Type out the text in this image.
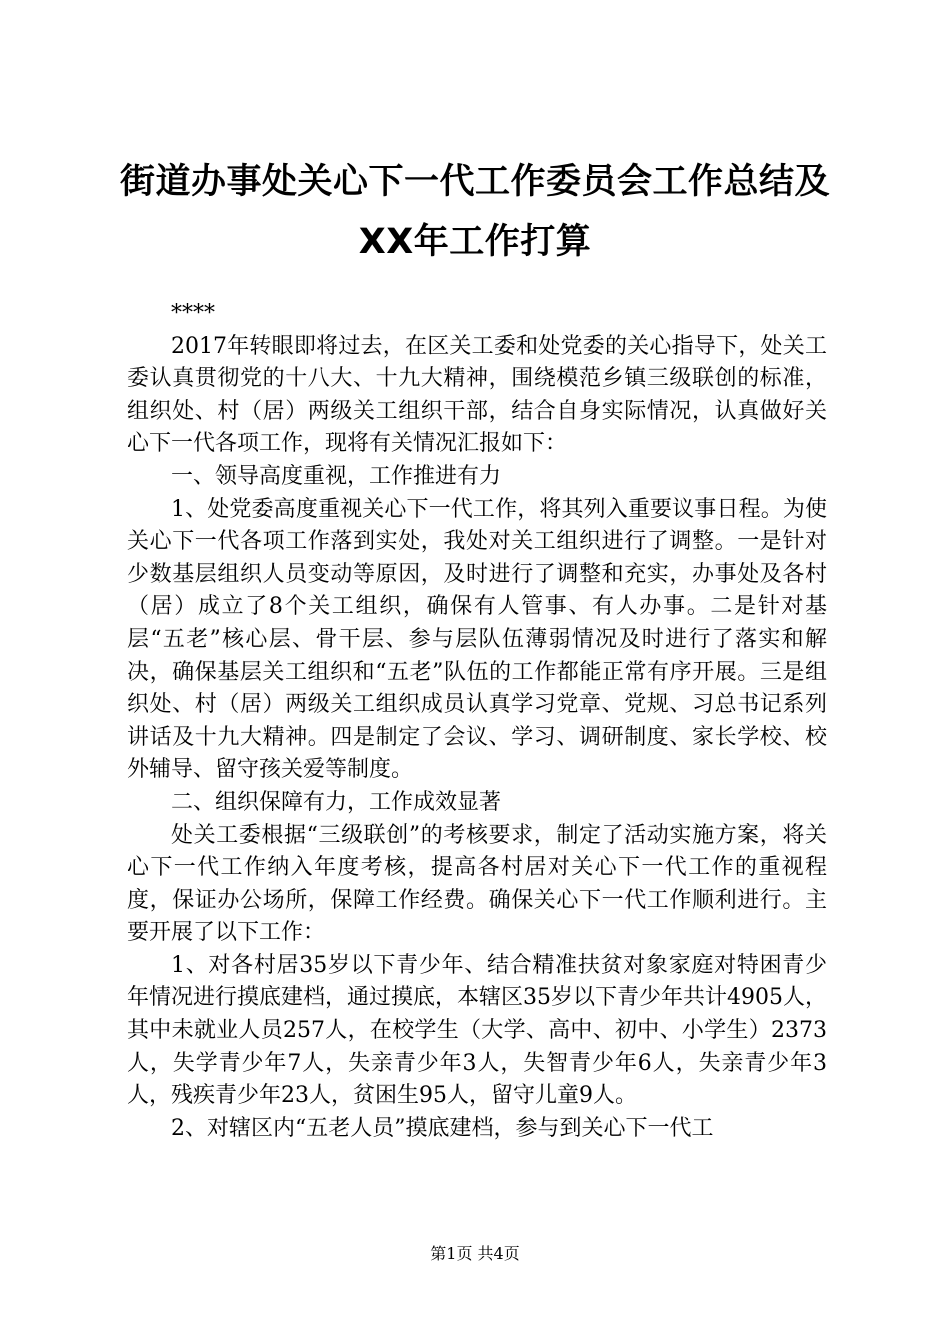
街道办事处关心下一代工作委员会工作总结及
XX年工作打算

****

2017年转眼即将过去，在区关工委和处党委的关心指导下，处关工委认真贯彻党的十八大、十九大精神，围绕模范乡镇三级联创的标准，组织处、村（居）两级关工组织干部，结合自身实际情况，认真做好关心下一代各项工作，现将有关情况汇报如下：

一、领导高度重视，工作推进有力

1、处党委高度重视关心下一代工作，将其列入重要议事日程。为使关心下一代各项工作落到实处，我处对关工组织进行了调整。一是针对少数基层组织人员变动等原因，及时进行了调整和充实，办事处及各村（居）成立了8个关工组织，确保有人管事、有人办事。二是针对基层“五老”核心层、骨干层、参与层队伍薄弱情况及时进行了落实和解决，确保基层关工组织和“五老”队伍的工作都能正常有序开展。三是组织处、村（居）两级关工组织成员认真学习党章、党规、习总书记系列讲话及十九大精神。四是制定了会议、学习、调研制度、家长学校、校外辅导、留守孩关爱等制度。

二、组织保障有力，工作成效显著

处关工委根据“三级联创”的考核要求，制定了活动实施方案，将关心下一代工作纳入年度考核，提高各村居对关心下一代工作的重视程度，保证办公场所，保障工作经费。确保关心下一代工作顺利进行。主要开展了以下工作：

1、对各村居35岁以下青少年、结合精准扶贫对象家庭对特困青少年情况进行摸底建档，通过摸底，本辖区35岁以下青少年共计4905人，其中未就业人员257人，在校学生（大学、高中、初中、小学生）2373人，失学青少年7人，失亲青少年3人，失智青少年6人，失亲青少年3人，残疾青少年23人，贫困生95人，留守儿童9人。

2、对辖区内“五老人员”摸底建档，参与到关心下一代工

第1页 共4页
